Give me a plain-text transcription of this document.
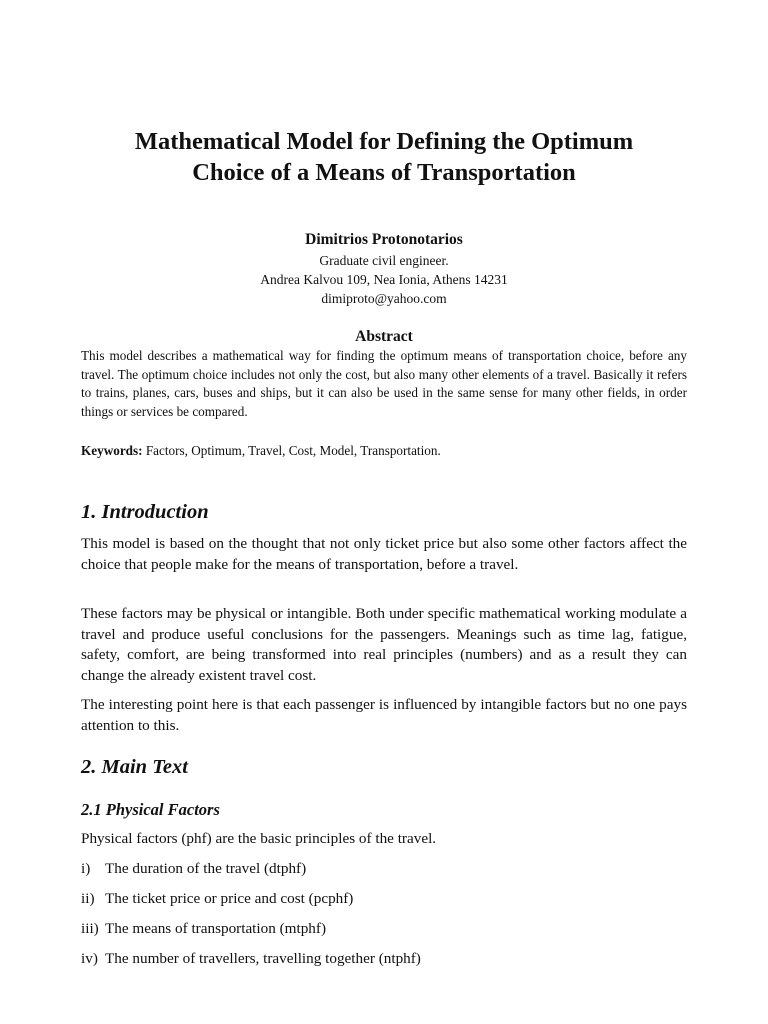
Mathematical Model for Defining the Optimum
Choice of a Means of Transportation
Dimitrios Protonotarios
Graduate civil engineer.
Andrea Kalvou 109, Nea Ionia, Athens 14231
dimiproto@yahoo.com
Abstract

This model describes a mathematical way for finding the optimum means of transportation choice, before any travel. The optimum choice includes not only the cost, but also many other elements of a travel. Basically it refers to trains, planes, cars, buses and ships, but it can also be used in the same sense for many other fields, in order things or services be compared.

Keywords: Factors, Optimum, Travel, Cost, Model, Transportation.

1. Introduction

This model is based on the thought that not only ticket price but also some other factors affect the choice that people make for the means of transportation, before a travel.

These factors may be physical or intangible. Both under specific mathematical working modulate a travel and produce useful conclusions for the passengers. Meanings such as time lag, fatigue, safety, comfort, are being transformed into real principles (numbers) and as a result they can change the already existent travel cost.

The interesting point here is that each passenger is influenced by intangible factors but no one pays attention to this.

2. Main Text
2.1 Physical Factors

Physical factors (phf) are the basic principles of the travel.

i) The duration of the travel (dtphf)
ii) The ticket price or price and cost (pcphf)
iii) The means of transportation (mtphf)
iv) The number of travellers, travelling together (ntphf)
